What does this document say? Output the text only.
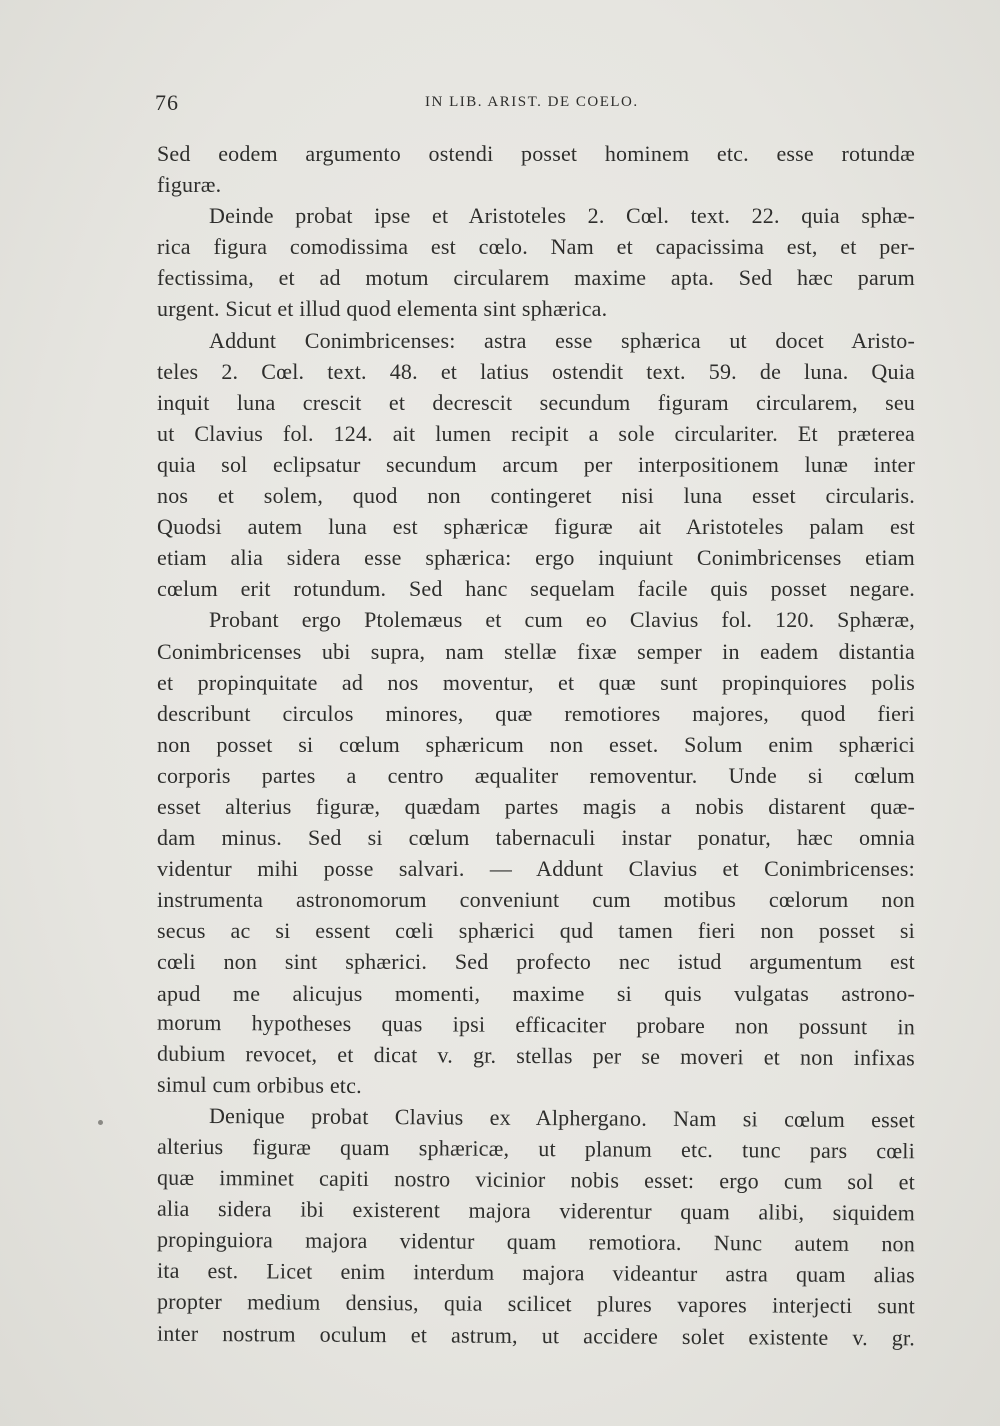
76	IN LIB. ARIST. DE COELO.
Sed eodem argumento ostendi posset hominem etc. esse rotundæ
figuræ.
Deinde probat ipse et Aristoteles 2. Cœl. text. 22. quia sphæ-
rica figura comodissima est cœlo. Nam et capacissima est, et per-
fectissima, et ad motum circularem maxime apta. Sed hæc parum
urgent. Sicut et illud quod elementa sint sphærica.
Addunt Conimbricenses: astra esse sphærica ut docet Aristo-
teles 2. Cœl. text. 48. et latius ostendit text. 59. de luna. Quia
inquit luna crescit et decrescit secundum figuram circularem, seu
ut Clavius fol. 124. ait lumen recipit a sole circulariter. Et præterea
quia sol eclipsatur secundum arcum per interpositionem lunæ inter
nos et solem, quod non contingeret nisi luna esset circularis.
Quodsi autem luna est sphæricæ figuræ ait Aristoteles palam est
etiam alia sidera esse sphærica: ergo inquiunt Conimbricenses etiam
cœlum erit rotundum. Sed hanc sequelam facile quis posset negare.
Probant ergo Ptolemæus et cum eo Clavius fol. 120. Sphæræ,
Conimbricenses ubi supra, nam stellæ fixæ semper in eadem distantia
et propinquitate ad nos moventur, et quæ sunt propinquiores polis
describunt circulos minores, quæ remotiores majores, quod fieri
non posset si cœlum sphæricum non esset. Solum enim sphærici
corporis partes a centro æqualiter removentur. Unde si cœlum
esset alterius figuræ, quædam partes magis a nobis distarent quæ-
dam minus. Sed si cœlum tabernaculi instar ponatur, hæc omnia
videntur mihi posse salvari. — Addunt Clavius et Conimbricenses:
instrumenta astronomorum conveniunt cum motibus cœlorum non
secus ac si essent cœli sphærici qud tamen fieri non posset si
cœli non sint sphærici. Sed profecto nec istud argumentum est
apud me alicujus momenti, maxime si quis vulgatas astrono-
morum hypotheses quas ipsi efficaciter probare non possunt in
dubium revocet, et dicat v. gr. stellas per se moveri et non infixas
simul cum orbibus etc.
Denique probat Clavius ex Alphergano. Nam si cœlum esset
alterius figuræ quam sphæricæ, ut planum etc. tunc pars cœli
quæ imminet capiti nostro vicinior nobis esset: ergo cum sol et
alia sidera ibi existerent majora viderentur quam alibi, siquidem
propinguiora majora videntur quam remotiora. Nunc autem non
ita est. Licet enim interdum majora videantur astra quam alias
propter medium densius, quia scilicet plures vapores interjecti sunt
inter nostrum oculum et astrum, ut accidere solet existente v. gr.
